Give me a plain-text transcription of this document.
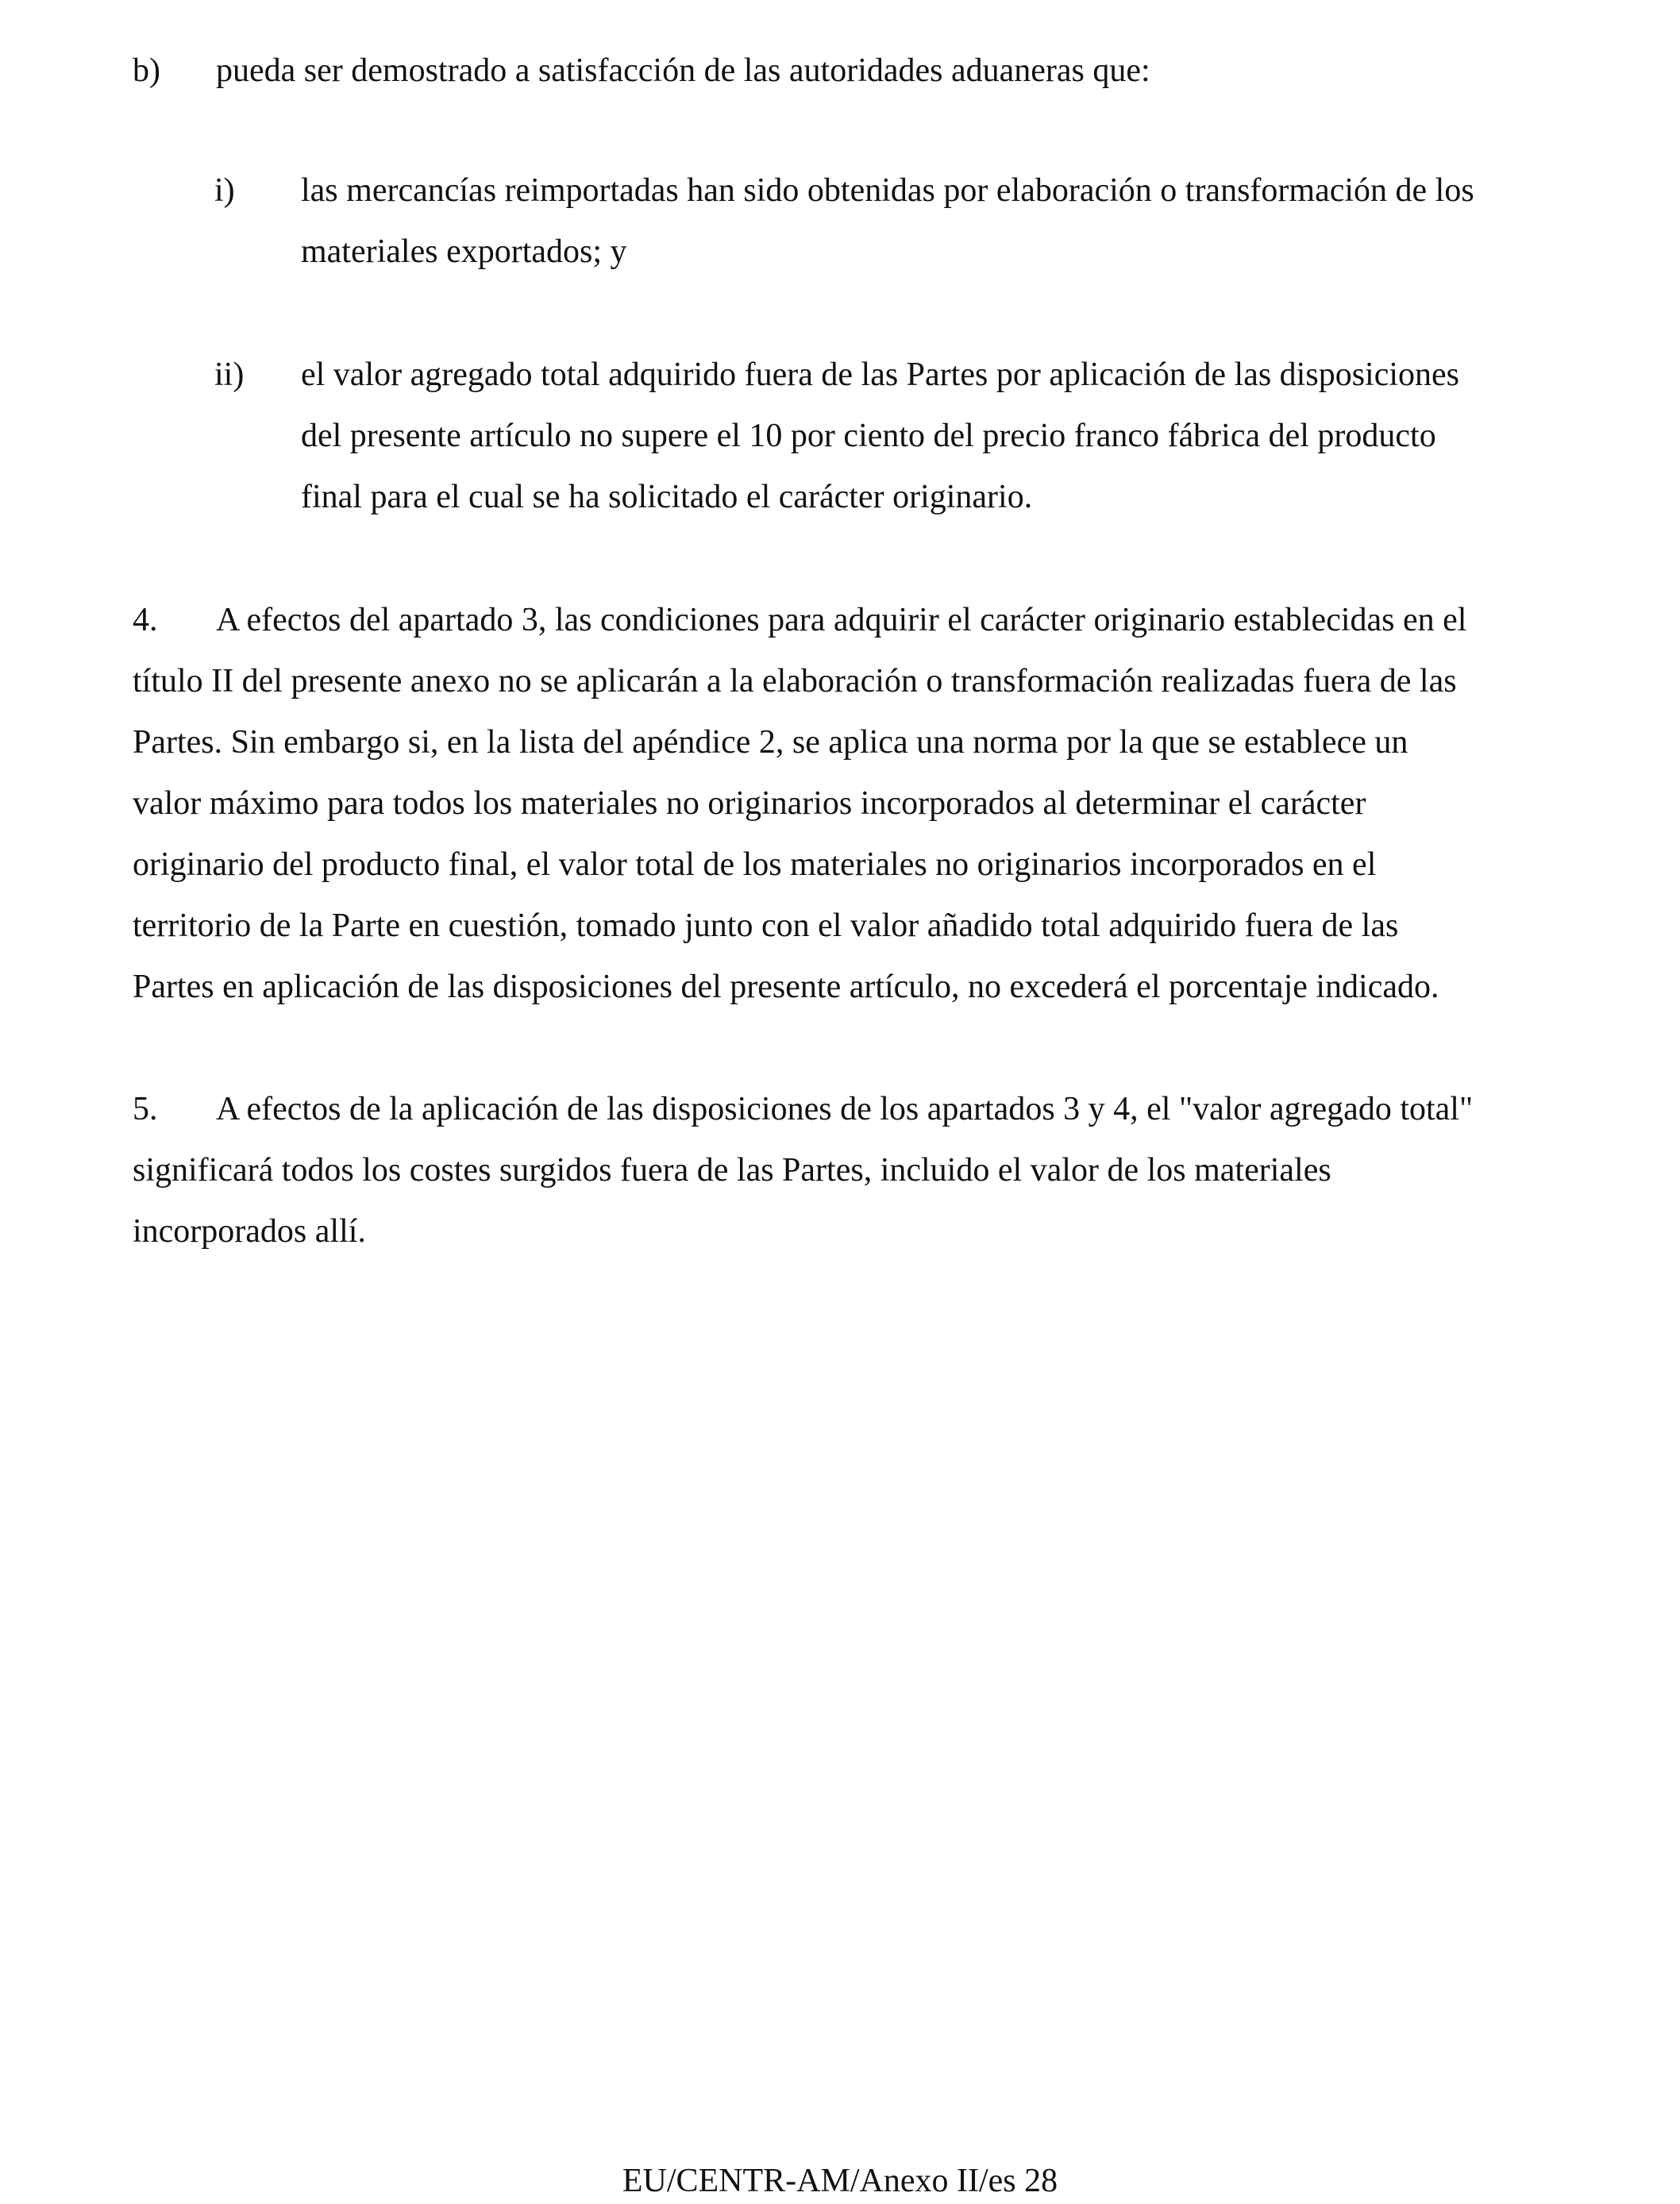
b) pueda ser demostrado a satisfacción de las autoridades aduaneras que:
i) las mercancías reimportadas han sido obtenidas por elaboración o transformación de los
materiales exportados; y
ii) el valor agregado total adquirido fuera de las Partes por aplicación de las disposiciones
del presente artículo no supere el 10 por ciento del precio franco fábrica del producto
final para el cual se ha solicitado el carácter originario.
4. A efectos del apartado 3, las condiciones para adquirir el carácter originario establecidas en el
título II del presente anexo no se aplicarán a la elaboración o transformación realizadas fuera de las
Partes. Sin embargo si, en la lista del apéndice 2, se aplica una norma por la que se establece un
valor máximo para todos los materiales no originarios incorporados al determinar el carácter
originario del producto final, el valor total de los materiales no originarios incorporados en el
territorio de la Parte en cuestión, tomado junto con el valor añadido total adquirido fuera de las
Partes en aplicación de las disposiciones del presente artículo, no excederá el porcentaje indicado.
5. A efectos de la aplicación de las disposiciones de los apartados 3 y 4, el "valor agregado total"
significará todos los costes surgidos fuera de las Partes, incluido el valor de los materiales
incorporados allí.
EU/CENTR-AM/Anexo II/es 28
